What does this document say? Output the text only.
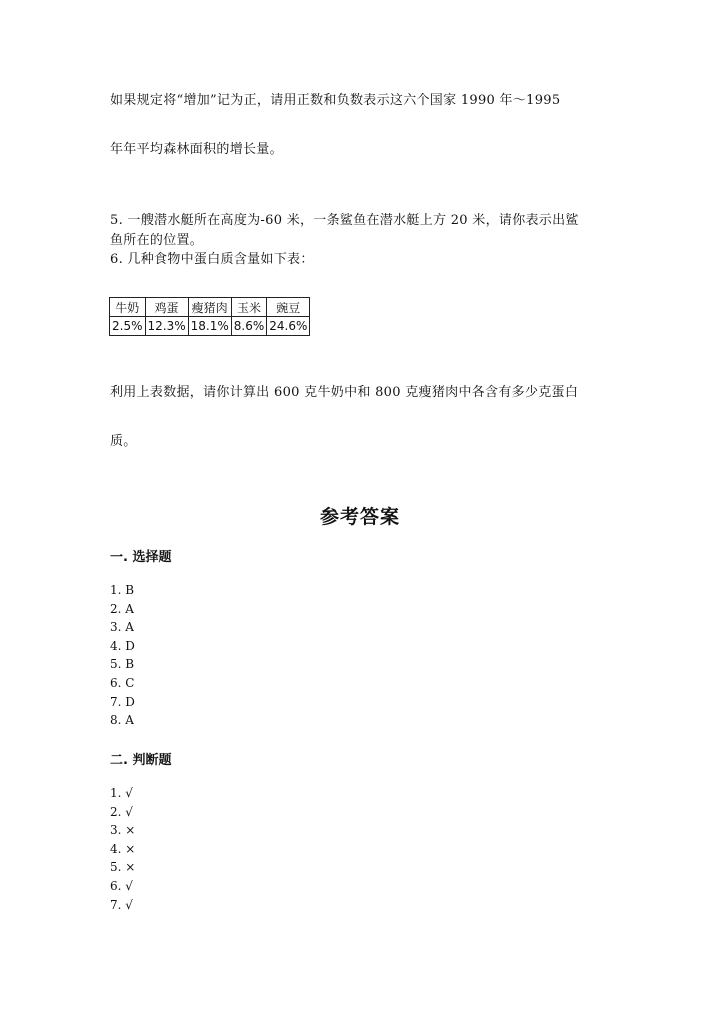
如果规定将“增加”记为正，请用正数和负数表示这六个国家 1990 年～1995
年年平均森林面积的增长量。
5. 一艘潜水艇所在高度为-60 米，一条鲨鱼在潜水艇上方 20 米，请你表示出鲨
鱼所在的位置。
6. 几种食物中蛋白质含量如下表：
牛奶	鸡蛋	瘦猪肉	玉米	豌豆
2.5%	12.3%	18.1%	8.6%	24.6%
利用上表数据，请你计算出 600 克牛奶中和 800 克瘦猪肉中各含有多少克蛋白
质。
参考答案
一. 选择题
1. B
2. A
3. A
4. D
5. B
6. C
7. D
8. A
二. 判断题
1. √
2. √
3. ×
4. ×
5. ×
6. √
7. √
